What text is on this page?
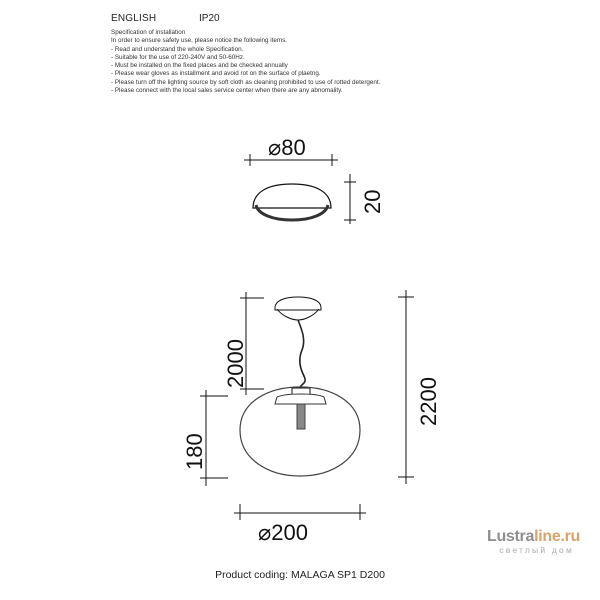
ENGLISH	IP20
Specification of installation
In order to ensure safety use, please notice the following items.
- Read and understand the whole Specification.
- Suitable for the use of 220-240V and 50-60Hz.
- Must be installed on the fixed places and be checked annually
- Please wear gloves as installment and avoid rot on the surface of plaetng.
- Please turn off the lighting source by soft cloth as cleaning prohibited to use of rotted detergent.
- Please connect with the local sales service center when there are any abnomality.
⌀80
20
2000
2200
180
⌀200	Lustraline.ru
светлый дом
Product coding: MALAGA SP1 D200
